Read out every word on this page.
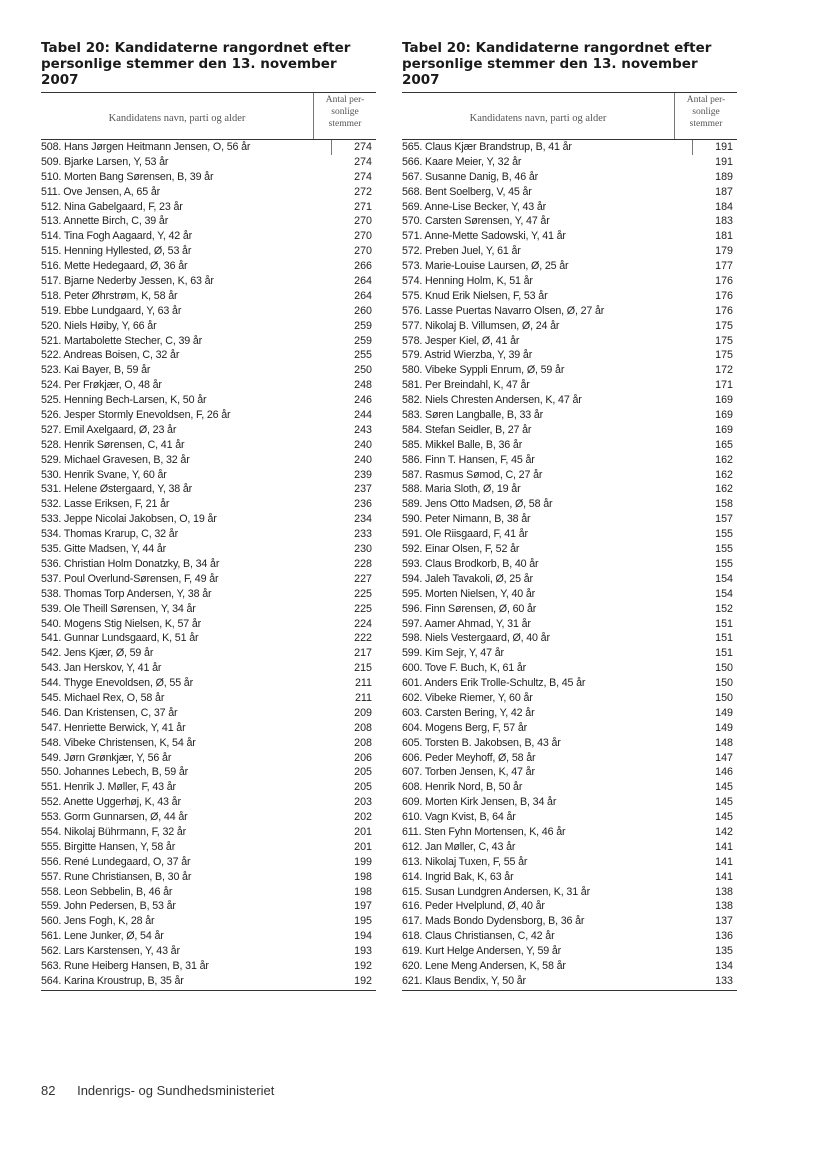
Tabel 20: Kandidaterne rangordnet efter personlige stemmer den 13. november 2007
Kandidatens navn, parti og alder
Antal per-sonlige stemmer
508. Hans Jørgen Heitmann Jensen, O, 56 år	274
509. Bjarke Larsen, Y, 53 år	274
510. Morten Bang Sørensen, B, 39 år	274
511. Ove Jensen, A, 65 år	272
512. Nina Gabelgaard, F, 23 år	271
513. Annette Birch, C, 39 år	270
514. Tina Fogh Aagaard, Y, 42 år	270
515. Henning Hyllested, Ø, 53 år	270
516. Mette Hedegaard, Ø, 36 år	266
517. Bjarne Nederby Jessen, K, 63 år	264
518. Peter Øhrstrøm, K, 58 år	264
519. Ebbe Lundgaard, Y, 63 år	260
520. Niels Høiby, Y, 66 år	259
521. Martabolette Stecher, C, 39 år	259
522. Andreas Boisen, C, 32 år	255
523. Kai Bayer, B, 59 år	250
524. Per Frøkjær, O, 48 år	248
525. Henning Bech-Larsen, K, 50 år	246
526. Jesper Stormly Enevoldsen, F, 26 år	244
527. Emil Axelgaard, Ø, 23 år	243
528. Henrik Sørensen, C, 41 år	240
529. Michael Gravesen, B, 32 år	240
530. Henrik Svane, Y, 60 år	239
531. Helene Østergaard, Y, 38 år	237
532. Lasse Eriksen, F, 21 år	236
533. Jeppe Nicolai Jakobsen, O, 19 år	234
534. Thomas Krarup, C, 32 år	233
535. Gitte Madsen, Y, 44 år	230
536. Christian Holm Donatzky, B, 34 år	228
537. Poul Overlund-Sørensen, F, 49 år	227
538. Thomas Torp Andersen, Y, 38 år	225
539. Ole Theill Sørensen, Y, 34 år	225
540. Mogens Stig Nielsen, K, 57 år	224
541. Gunnar Lundsgaard, K, 51 år	222
542. Jens Kjær, Ø, 59 år	217
543. Jan Herskov, Y, 41 år	215
544. Thyge Enevoldsen, Ø, 55 år	211
545. Michael Rex, O, 58 år	211
546. Dan Kristensen, C, 37 år	209
547. Henriette Berwick, Y, 41 år	208
548. Vibeke Christensen, K, 54 år	208
549. Jørn Grønkjær, Y, 56 år	206
550. Johannes Lebech, B, 59 år	205
551. Henrik J. Møller, F, 43 år	205
552. Anette Uggerhøj, K, 43 år	203
553. Gorm Gunnarsen, Ø, 44 år	202
554. Nikolaj Bührmann, F, 32 år	201
555. Birgitte Hansen, Y, 58 år	201
556. René Lundegaard, O, 37 år	199
557. Rune Christiansen, B, 30 år	198
558. Leon Sebbelin, B, 46 år	198
559. John Pedersen, B, 53 år	197
560. Jens Fogh, K, 28 år	195
561. Lene Junker, Ø, 54 år	194
562. Lars Karstensen, Y, 43 år	193
563. Rune Heiberg Hansen, B, 31 år	192
564. Karina Kroustrup, B, 35 år	192
Tabel 20: Kandidaterne rangordnet efter personlige stemmer den 13. november 2007
Kandidatens navn, parti og alder
Antal per-sonlige stemmer
565. Claus Kjær Brandstrup, B, 41 år	191
566. Kaare Meier, Y, 32 år	191
567. Susanne Danig, B, 46 år	189
568. Bent Soelberg, V, 45 år	187
569. Anne-Lise Becker, Y, 43 år	184
570. Carsten Sørensen, Y, 47 år	183
571. Anne-Mette Sadowski, Y, 41 år	181
572. Preben Juel, Y, 61 år	179
573. Marie-Louise Laursen, Ø, 25 år	177
574. Henning Holm, K, 51 år	176
575. Knud Erik Nielsen, F, 53 år	176
576. Lasse Puertas Navarro Olsen, Ø, 27 år	176
577. Nikolaj B. Villumsen, Ø, 24 år	175
578. Jesper Kiel, Ø, 41 år	175
579. Astrid Wierzba, Y, 39 år	175
580. Vibeke Syppli Enrum, Ø, 59 år	172
581. Per Breindahl, K, 47 år	171
582. Niels Chresten Andersen, K, 47 år	169
583. Søren Langballe, B, 33 år	169
584. Stefan Seidler, B, 27 år	169
585. Mikkel Balle, B, 36 år	165
586. Finn T. Hansen, F, 45 år	162
587. Rasmus Sømod, C, 27 år	162
588. Maria Sloth, Ø, 19 år	162
589. Jens Otto Madsen, Ø, 58 år	158
590. Peter Nimann, B, 38 år	157
591. Ole Riisgaard, F, 41 år	155
592. Einar Olsen, F, 52 år	155
593. Claus Brodkorb, B, 40 år	155
594. Jaleh Tavakoli, Ø, 25 år	154
595. Morten Nielsen, Y, 40 år	154
596. Finn Sørensen, Ø, 60 år	152
597. Aamer Ahmad, Y, 31 år	151
598. Niels Vestergaard, Ø, 40 år	151
599. Kim Sejr, Y, 47 år	151
600. Tove F. Buch, K, 61 år	150
601. Anders Erik Trolle-Schultz, B, 45 år	150
602. Vibeke Riemer, Y, 60 år	150
603. Carsten Bering, Y, 42 år	149
604. Mogens Berg, F, 57 år	149
605. Torsten B. Jakobsen, B, 43 år	148
606. Peder Meyhoff, Ø, 58 år	147
607. Torben Jensen, K, 47 år	146
608. Henrik Nord, B, 50 år	145
609. Morten Kirk Jensen, B, 34 år	145
610. Vagn Kvist, B, 64 år	145
611. Sten Fyhn Mortensen, K, 46 år	142
612. Jan Møller, C, 43 år	141
613. Nikolaj Tuxen, F, 55 år	141
614. Ingrid Bak, K, 63 år	141
615. Susan Lundgren Andersen, K, 31 år	138
616. Peder Hvelplund, Ø, 40 år	138
617. Mads Bondo Dydensborg, B, 36 år	137
618. Claus Christiansen, C, 42 år	136
619. Kurt Helge Andersen, Y, 59 år	135
620. Lene Meng Andersen, K, 58 år	134
621. Klaus Bendix, Y, 50 år	133
82 Indenrigs- og Sundhedsministeriet
